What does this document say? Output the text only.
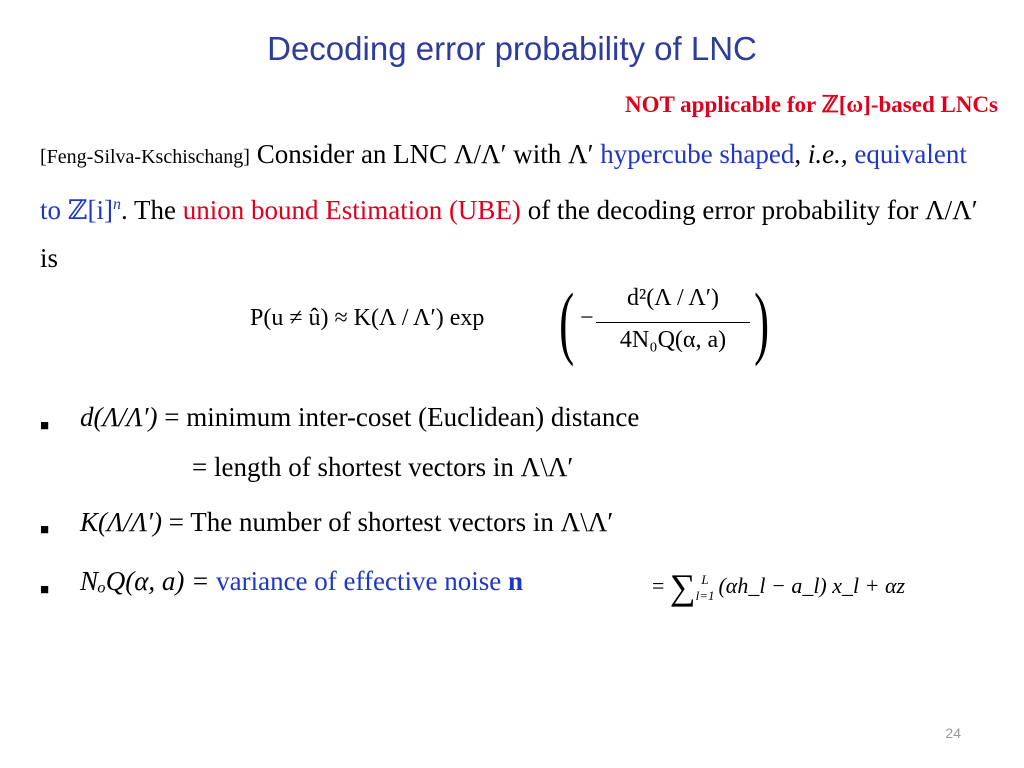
Decoding error probability of LNC
NOT applicable for ℤ[ω]-based LNCs
[Feng-Silva-Kschischang] Consider an LNC Λ/Λ′ with Λ′ hypercube shaped, i.e., equivalent to $ℤ[i]^n$. The union bound Estimation (UBE) of the decoding error probability for Λ/Λ′ is
P(u ≠ û) ≈ K(Λ / Λ′) exp ( −
d²(Λ / Λ′)
4N₀Q(α, a) )
■ d(Λ/Λ′) = minimum inter-coset (Euclidean) distance
= length of shortest vectors in Λ\Λ′
■ K(Λ/Λ′) = The number of shortest vectors in Λ\Λ′
■ NₒQ(α, a) = variance of effective noise n	= ∑ L
l=1 (αh_l − a_l) x_l + αz
24
